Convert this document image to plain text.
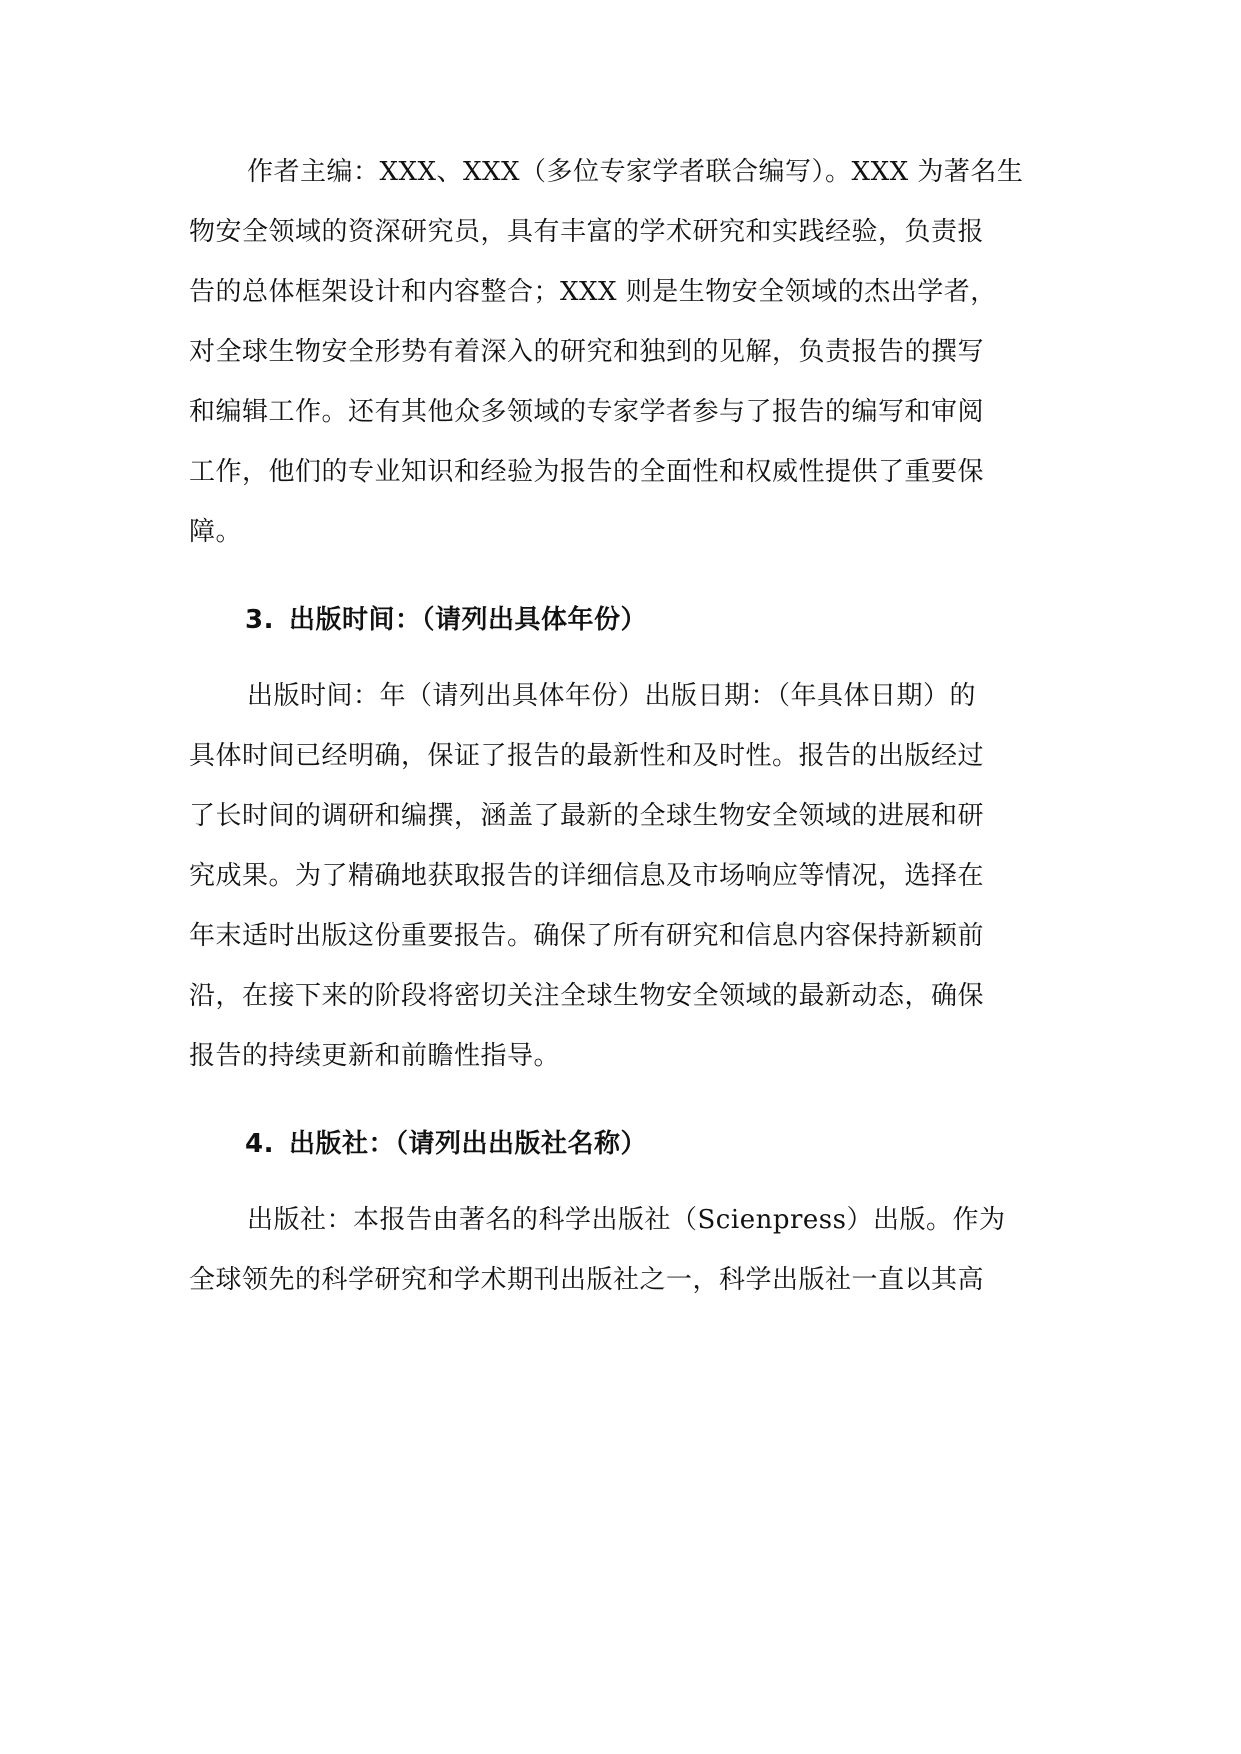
作者主编：XXX、XXX（多位专家学者联合编写）。XXX 为著名生
物安全领域的资深研究员，具有丰富的学术研究和实践经验，负责报
告的总体框架设计和内容整合；XXX 则是生物安全领域的杰出学者，
对全球生物安全形势有着深入的研究和独到的见解，负责报告的撰写
和编辑工作。还有其他众多领域的专家学者参与了报告的编写和审阅
工作，他们的专业知识和经验为报告的全面性和权威性提供了重要保
障。
3. 出版时间：（请列出具体年份）
出版时间：年（请列出具体年份）出版日期：（年具体日期）的
具体时间已经明确，保证了报告的最新性和及时性。报告的出版经过
了长时间的调研和编撰，涵盖了最新的全球生物安全领域的进展和研
究成果。为了精确地获取报告的详细信息及市场响应等情况，选择在
年末适时出版这份重要报告。确保了所有研究和信息内容保持新颖前
沿，在接下来的阶段将密切关注全球生物安全领域的最新动态，确保
报告的持续更新和前瞻性指导。
4. 出版社：（请列出出版社名称）
出版社：本报告由著名的科学出版社（Scienpress）出版。作为
全球领先的科学研究和学术期刊出版社之一，科学出版社一直以其高
